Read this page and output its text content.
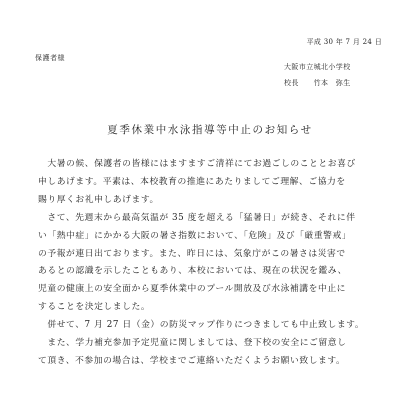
平成 30 年 7 月 24 日
保護者様
大阪市立城北小学校
校長　　竹本　弥生
夏季休業中水泳指導等中止のお知らせ
　大暑の候、保護者の皆様にはますますご清祥にてお過ごしのこととお喜び
申しあげます。平素は、本校教育の推進にあたりましてご理解、ご協力を
賜り厚くお礼申しあげます。
　さて、先週末から最高気温が 35 度を超える「猛暑日」が続き、それに伴
い「熱中症」にかかる大阪の暑さ指数において、「危険」及び「厳重警戒」
の予報が連日出ております。また、昨日には、気象庁がこの暑さは災害で
あるとの認識を示したこともあり、本校においては、現在の状況を鑑み、
児童の健康上の安全面から夏季休業中のプール開放及び水泳補講を中止に
することを決定しました。
　併せて、7 月 27 日（金）の防災マップ作りにつきましても中止致します。
　また、学力補充参加予定児童に関しましては、登下校の安全にご留意し
て頂き、不参加の場合は、学校までご連絡いただくようお願い致します。
